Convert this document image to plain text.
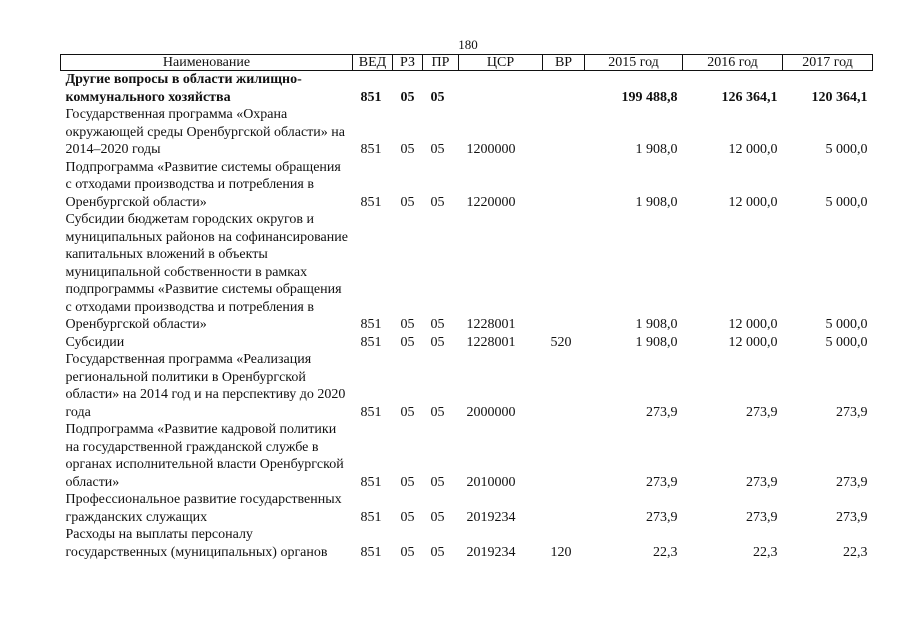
180
Наименование	ВЕД	РЗ	ПР	ЦСР	ВР	2015 год	2016 год	2017 год
Другие вопросы в области жилищно-коммунального хозяйства	851	05	05			199 488,8	126 364,1	120 364,1
Государственная программа «Охрана окружающей среды Оренбургской области» на 2014–2020 годы	851	05	05	1200000		1 908,0	12 000,0	5 000,0
Подпрограмма «Развитие системы обращения с отходами производства и потребления в Оренбургской области»	851	05	05	1220000		1 908,0	12 000,0	5 000,0
Субсидии бюджетам городских округов и муниципальных районов на софинансирование капитальных вложений в объекты муниципальной собственности в рамках подпрограммы «Развитие системы обращения с отходами производства и потребления в Оренбургской области»	851	05	05	1228001		1 908,0	12 000,0	5 000,0
Субсидии	851	05	05	1228001	520	1 908,0	12 000,0	5 000,0
Государственная программа «Реализация региональной политики в Оренбургской области» на 2014 год и на перспективу до 2020 года	851	05	05	2000000		273,9	273,9	273,9
Подпрограмма «Развитие кадровой политики на государственной гражданской службе в органах исполнительной власти Оренбургской области»	851	05	05	2010000		273,9	273,9	273,9
Профессиональное развитие государственных гражданских служащих	851	05	05	2019234		273,9	273,9	273,9
Расходы на выплаты персоналу государственных (муниципальных) органов	851	05	05	2019234	120	22,3	22,3	22,3
